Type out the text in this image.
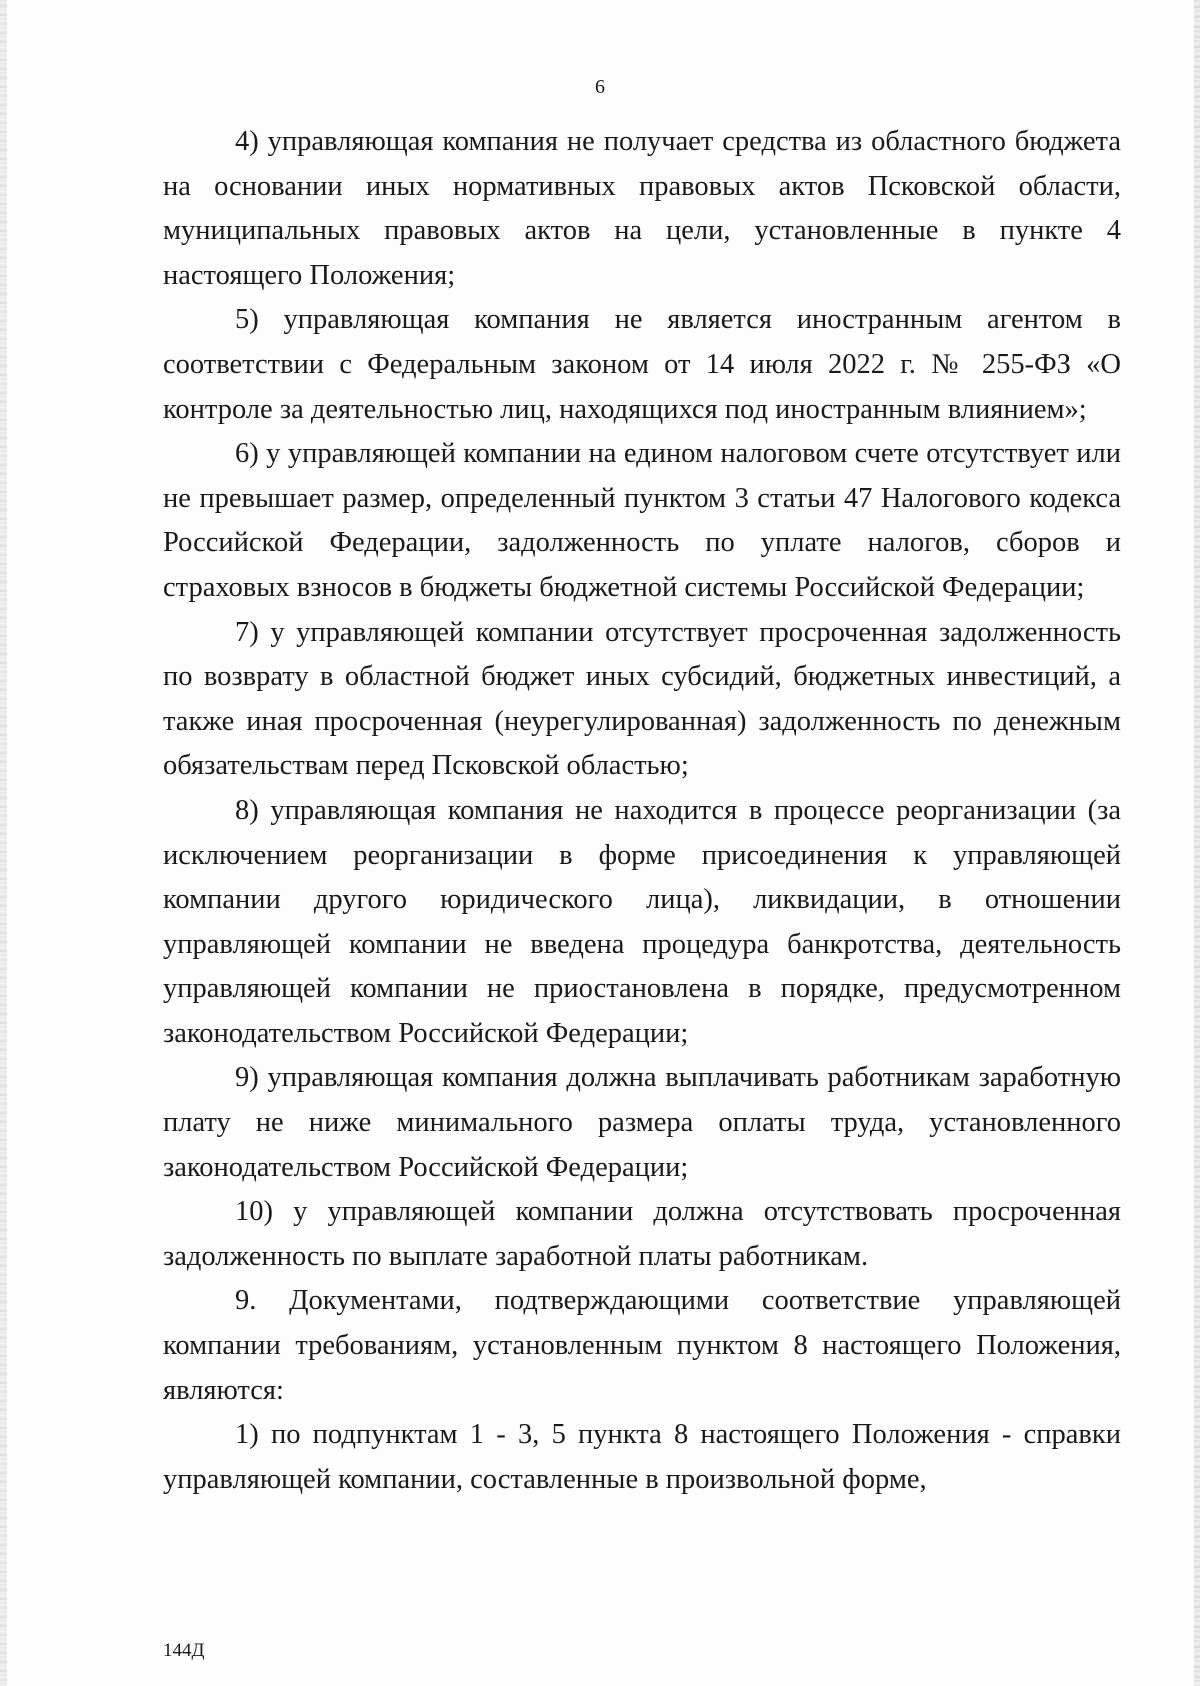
6

4) управляющая компания не получает средства из областного бюджета на основании иных нормативных правовых актов Псковской области, муниципальных правовых актов на цели, установленные в пункте 4 настоящего Положения;

5) управляющая компания не является иностранным агентом в соответствии с Федеральным законом от 14 июля 2022 г. № 255-ФЗ «О контроле за деятельностью лиц, находящихся под иностранным влиянием»;

6) у управляющей компании на едином налоговом счете отсутствует или не превышает размер, определенный пунктом 3 статьи 47 Налогового кодекса Российской Федерации, задолженность по уплате налогов, сборов и страховых взносов в бюджеты бюджетной системы Российской Федерации;

7) у управляющей компании отсутствует просроченная задолженность по возврату в областной бюджет иных субсидий, бюджетных инвестиций, а также иная просроченная (неурегулированная) задолженность по денежным обязательствам перед Псковской областью;

8) управляющая компания не находится в процессе реорганизации (за исключением реорганизации в форме присоединения к управляющей компании другого юридического лица), ликвидации, в отношении управляющей компании не введена процедура банкротства, деятельность управляющей компании не приостановлена в порядке, предусмотренном законодательством Российской Федерации;

9) управляющая компания должна выплачивать работникам заработную плату не ниже минимального размера оплаты труда, установленного законодательством Российской Федерации;

10) у управляющей компании должна отсутствовать просроченная задолженность по выплате заработной платы работникам.

9. Документами, подтверждающими соответствие управляющей компании требованиям, установленным пунктом 8 настоящего Положения, являются:

1) по подпунктам 1 - 3, 5 пункта 8 настоящего Положения - справки управляющей компании, составленные в произвольной форме,

144Д
